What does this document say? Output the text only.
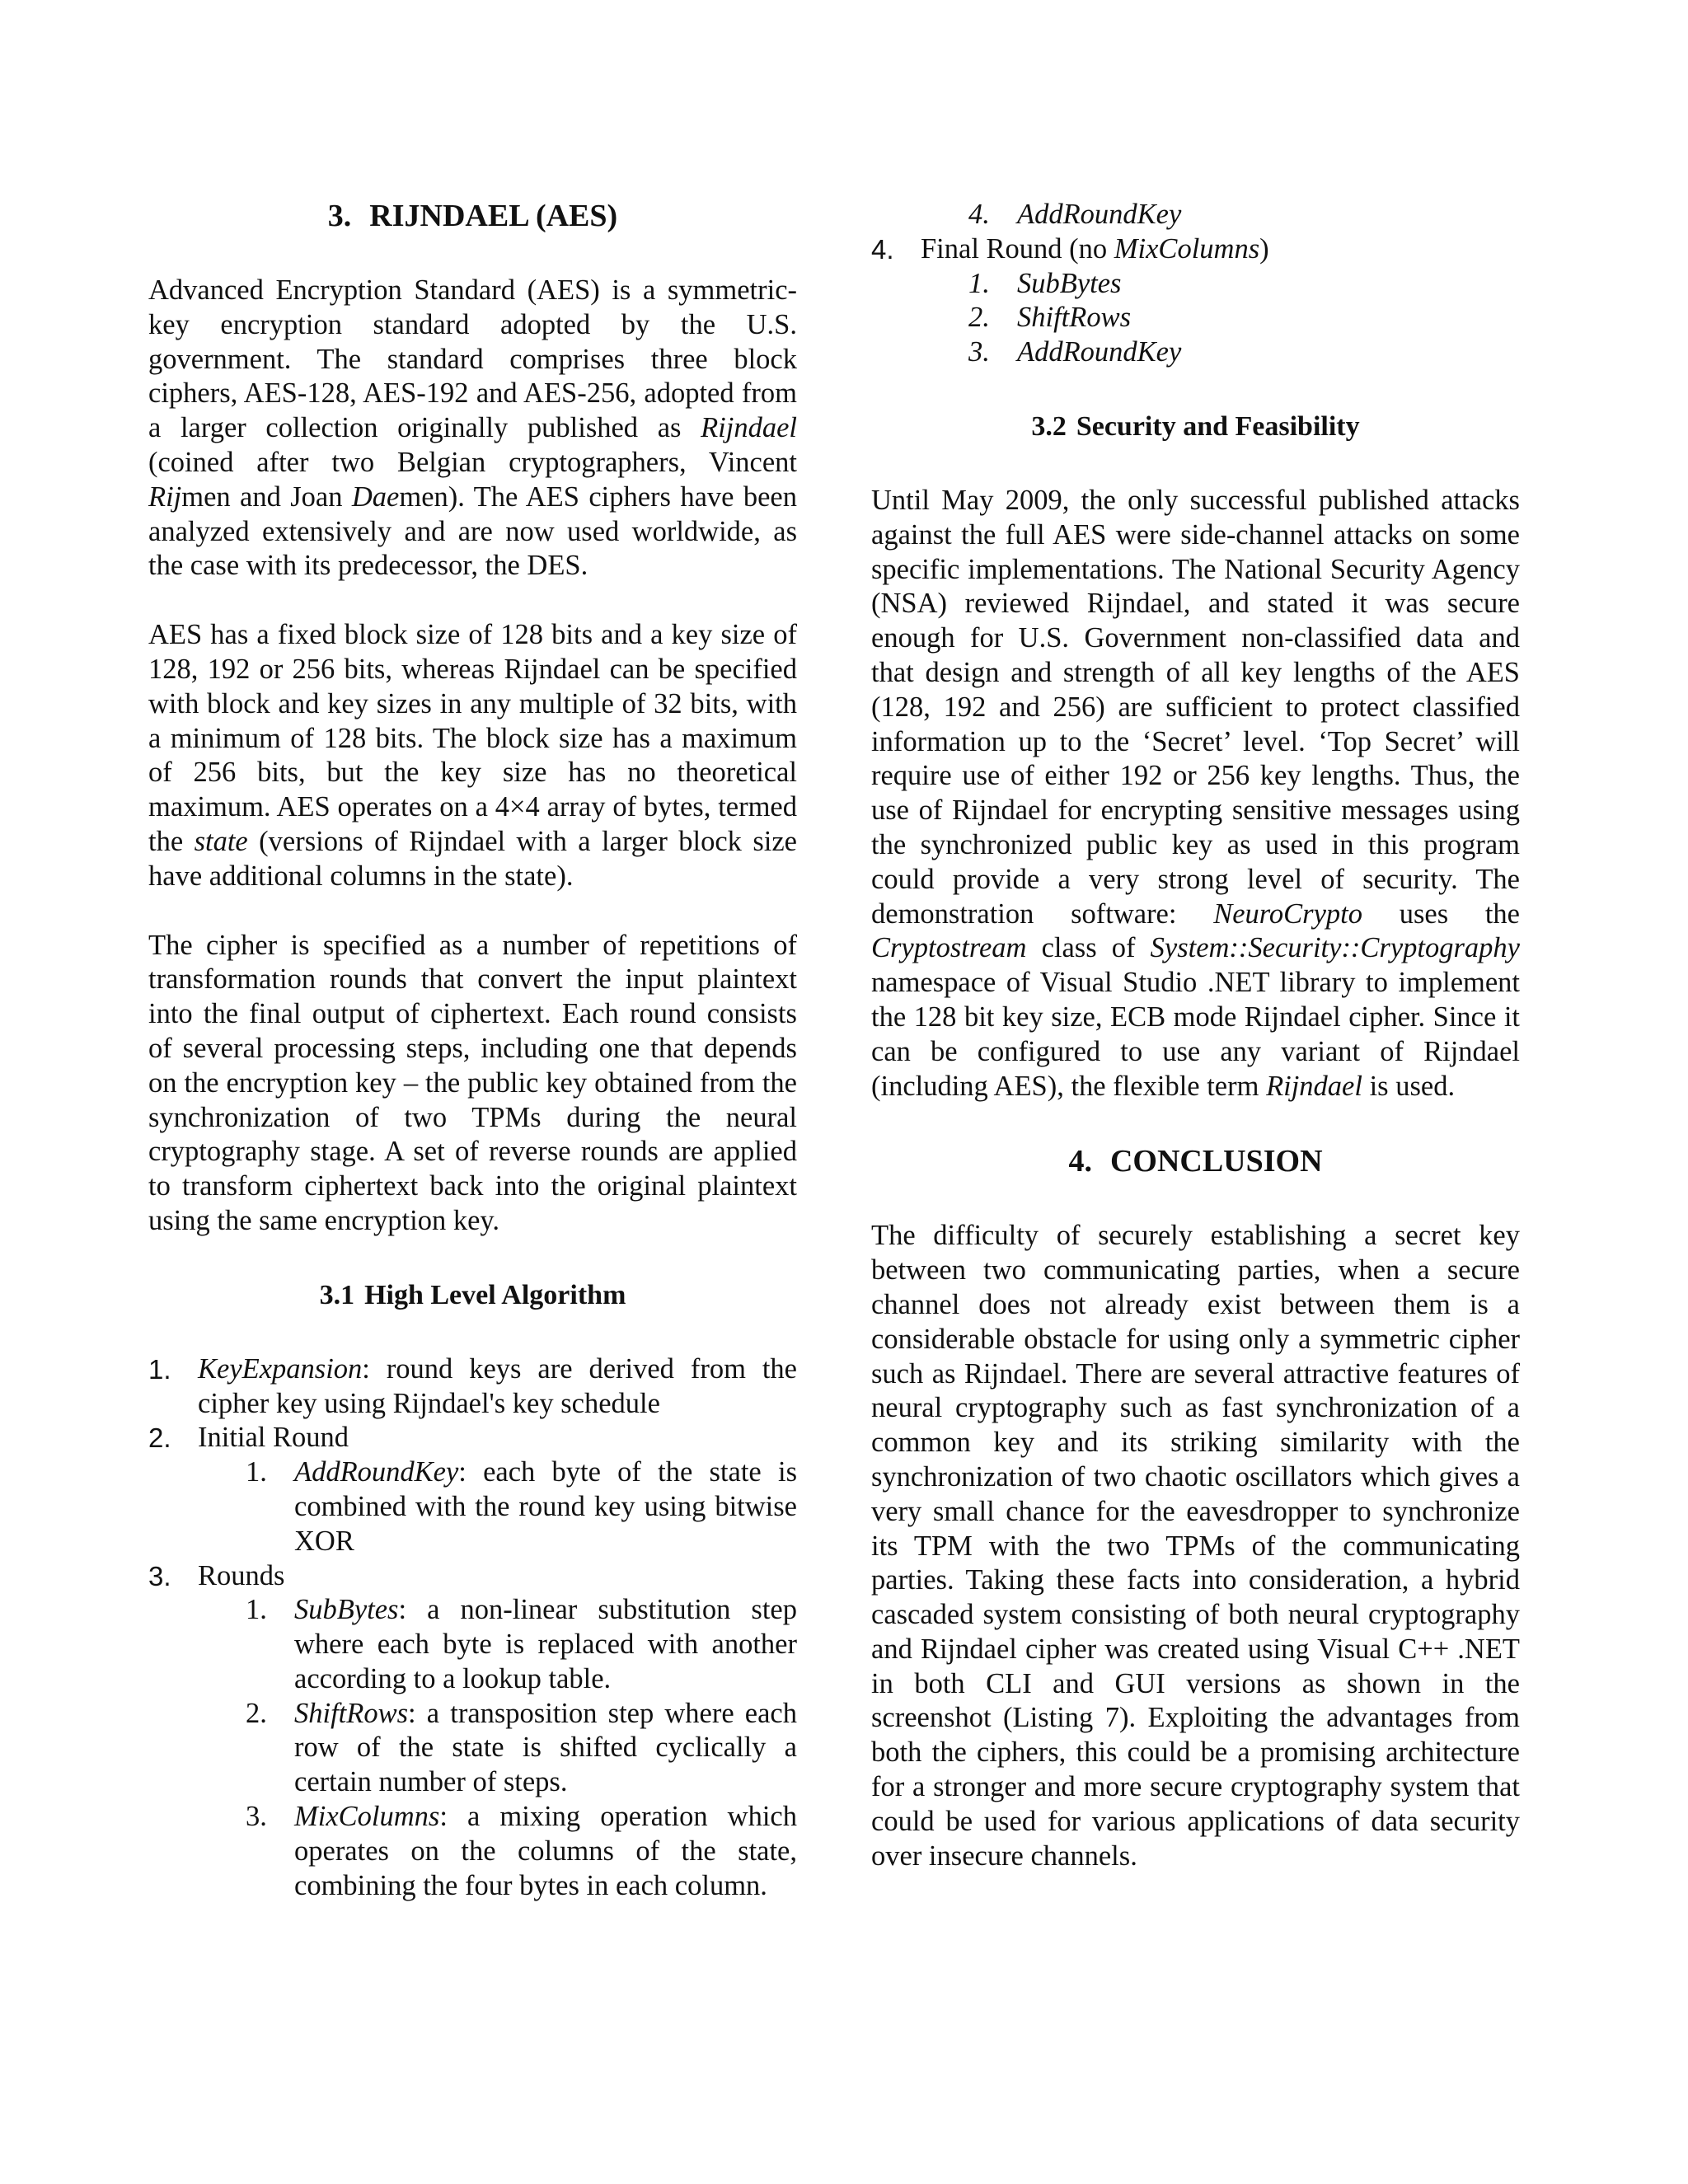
3. RIJNDAEL (AES)

Advanced Encryption Standard (AES) is a symmetric-key encryption standard adopted by the U.S. government. The standard comprises three block ciphers, AES-128, AES-192 and AES-256, adopted from a larger collection originally published as Rijndael (coined after two Belgian cryptographers, Vincent Rijmen and Joan Daemen). The AES ciphers have been analyzed extensively and are now used worldwide, as the case with its predecessor, the DES.

AES has a fixed block size of 128 bits and a key size of 128, 192 or 256 bits, whereas Rijndael can be specified with block and key sizes in any multiple of 32 bits, with a minimum of 128 bits. The block size has a maximum of 256 bits, but the key size has no theoretical maximum. AES operates on a 4×4 array of bytes, termed the state (versions of Rijndael with a larger block size have additional columns in the state).

The cipher is specified as a number of repetitions of transformation rounds that convert the input plaintext into the final output of ciphertext. Each round consists of several processing steps, including one that depends on the encryption key – the public key obtained from the synchronization of two TPMs during the neural cryptography stage. A set of reverse rounds are applied to transform ciphertext back into the original plaintext using the same encryption key.

3.1 High Level Algorithm
1. KeyExpansion: round keys are derived from the cipher key using Rijndael's key schedule
2. Initial Round
1. AddRoundKey: each byte of the state is combined with the round key using bitwise XOR
3. Rounds
1. SubBytes: a non-linear substitution step where each byte is replaced with another according to a lookup table.
2. ShiftRows: a transposition step where each row of the state is shifted cyclically a certain number of steps.
3. MixColumns: a mixing operation which operates on the columns of the state, combining the four bytes in each column.
4. AddRoundKey
4. Final Round (no MixColumns)
1. SubBytes
2. ShiftRows
3. AddRoundKey
3.2 Security and Feasibility

Until May 2009, the only successful published attacks against the full AES were side-channel attacks on some specific implementations. The National Security Agency (NSA) reviewed Rijndael, and stated it was secure enough for U.S. Government non-classified data and that design and strength of all key lengths of the AES (128, 192 and 256) are sufficient to protect classified information up to the ‘Secret’ level. ‘Top Secret’ will require use of either 192 or 256 key lengths. Thus, the use of Rijndael for encrypting sensitive messages using the synchronized public key as used in this program could provide a very strong level of security. The demonstration software: NeuroCrypto uses the Cryptostream class of System::Security::Cryptography namespace of Visual Studio .NET library to implement the 128 bit key size, ECB mode Rijndael cipher. Since it can be configured to use any variant of Rijndael (including AES), the flexible term Rijndael is used.

4. CONCLUSION

The difficulty of securely establishing a secret key between two communicating parties, when a secure channel does not already exist between them is a considerable obstacle for using only a symmetric cipher such as Rijndael. There are several attractive features of neural cryptography such as fast synchronization of a common key and its striking similarity with the synchronization of two chaotic oscillators which gives a very small chance for the eavesdropper to synchronize its TPM with the two TPMs of the communicating parties. Taking these facts into consideration, a hybrid cascaded system consisting of both neural cryptography and Rijndael cipher was created using Visual C++ .NET in both CLI and GUI versions as shown in the screenshot (Listing 7). Exploiting the advantages from both the ciphers, this could be a promising architecture for a stronger and more secure cryptography system that could be used for various applications of data security over insecure channels.
